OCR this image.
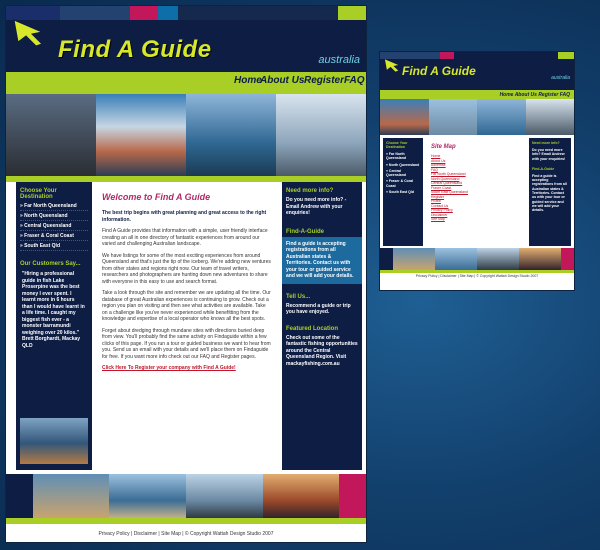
Find A Guide	australia
Home
About Us Register FAQ
Choose Your Destination
» Far North Queensland
» North Queensland
» Central Queensland
» Fraser & Coral Coast
» South East Qld
Our Customers Say...
"Hiring a professional guide in fish Lake Proserpine was the best money I ever spent. I learnt more in 6 hours than I would have learnt in a life time. I caught my biggest fish ever - a monster barramundi weighing over 20 kilos." Brett Borghardt, Mackay QLD
Welcome to Find A Guide
The best trip begins with great planning and great access to the right information.
Find A Guide provides that information with a simple, user friendly interface creating an all in one directory of fantastic experiences from around our varied and challenging Australian landscape.
We have listings for some of the most exciting experiences from around Queensland and that's just the tip of the iceberg. We're adding new ventures from other states and regions right now. Our team of travel writers, researchers and photographers are hunting down new adventures to share with everyone in this easy to use and search format.
Take a look through the site and remember we are updating all the time. Our database of great Australian experiences is continuing to grow. Check out a region you plan on visiting and then see what activities are available. Take on a challenge like you've never experienced while benefitting from the knowledge and expertise of a local operator who knows all the best spots.
Forget about dredging through mundane sites with directions buried deep from view. You'll probably find the same activity on Findaguide within a few clicks of this page. If you run a tour or guided business we want to hear from you. Send us an email with your details and we'll place them on Findaguide for free. If you want more info check out our FAQ and Register pages.
Click Here To Register your company with Find A Guide!
Need more info?
Do you need more info? - Email Andrew with your enquiries!
Find-A-Guide
Find a guide is accepting registrations from all Australian states & Territories. Contact us with your tour or guided service and we will add your details.
Tell Us...
Recommend a guide or trip you have enjoyed.
Featured Location
Check out some of the fantastic fishing opportunities around the Central Queensland Region. Visit mackayfishing.com.au
Privacy Policy | Disclaimer | Site Map | © Copyright Wattah Design Studio 2007
Find A Guide	australia
Home About Us Register FAQ
Choose Your Destination
» Far North Queensland
» North Queensland
» Central Queensland
» Fraser & Coral Coast
» South East Qld
Site Map
Home
About Us
Advertise
FAQ
Far North Queensland
North Queensland
Central Queensland
Fraser Coast
South East Queensland
Register
Profile
Contact Us
Privacy Policy
Disclaimer
Site Map
Need more info?
Do you need more info? Email Andrew with your enquiries!
Find-A-Guide
Find a guide is accepting registrations from all Australian states & Territories. Contact us with your tour or guided service and we will add your details.
Privacy Policy | Disclaimer | Site Map | © Copyright Wattah Design Studio 2007
